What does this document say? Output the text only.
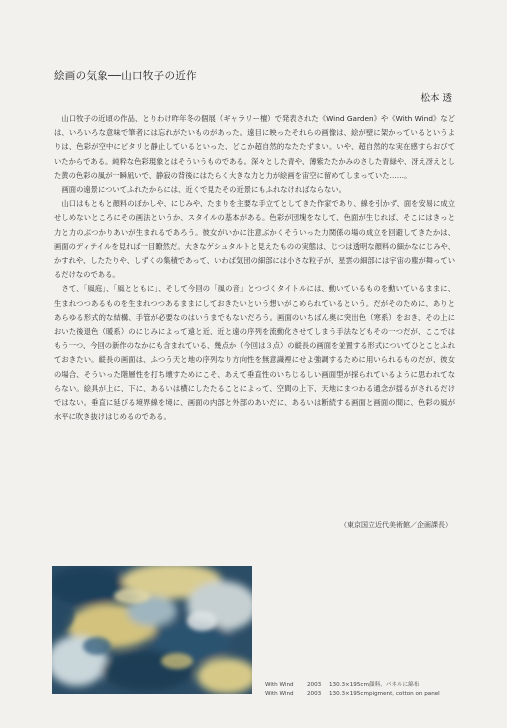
絵画の気象──山口牧子の近作
松本 透

山口牧子の近頃の作品、とりわけ昨年冬の個展（ギャラリー檀）で発表された《Wind Garden》や《With Wind》などは、いろいろな意味で筆者には忘れがたいものがあった。遠目に映ったそれらの画像は、絵が壁に架かっているというよりは、色彩が空中にピタリと静止しているといった、どこか超自然的なたたずまい。いや、超自然的な実在感すらおびていたからである。純粋な色彩現象とはそういうものである。深々とした青や、薄紫たたかみのさした青緑や、冴え冴えとした黄の色彩の風が一瞬凪いで、静寂の背後にはたらく大きな力と力が絵画を宙空に留めてしまっていた……。

画面の遠景についてふれたからには、近くで見たその近景にもふれなければならない。

山口はもともと顔料のぼかしや、にじみや、たまりを主要な手立てとしてきた作家であり、線を引かず、面を安易に成立せしめないところにその画法というか、スタイルの基本がある。色彩が団塊をなして、色面が生じれば、そこにはきっと力と力のぶつかりあいが生まれるであろう。彼女がいかに注意ぶかくそういった力関係の場の成立を回避してきたかは、画面のディテイルを見れば一目瞭然だ。大きなゲシュタルトと見えたものの実態は、じつは透明な顔料の細かなにじみや、かすれや、したたりや、しずくの集積であって、いわば気団の細部には小さな粒子が、星雲の細部には宇宙の塵が舞っているだけなのである。

さて、「風庭」、「風とともに」、そして今回の「風の音」とつづくタイトルには、動いているものを動いているままに、生まれつつあるものを生まれつつあるままにしておきたいという想いがこめられているという。だがそのために、ありとあらゆる形式的な結構、手管が必要なのはいうまでもないだろう。画面のいちばん奥に突出色（寒系）をおき、その上においた後退色（暖系）のにじみによって遠と近、近と遠の序列を流動化させてしまう手法などもその一つだが、ここではもう一つ、今回の新作のなかにも含まれている、幾点か（今回は３点）の縦長の画面を並置する形式についてひとことふれておきたい。縦長の画面は、ふつう天と地の序列なり方向性を無意識裡にせよ強調するために用いられるものだが、彼女の場合、そういった階層性を打ち壊すためにこそ、あえて垂直性のいちじるしい画面型が採られているように思われてならない。絵具が上に、下に、あるいは横にしたたることによって、空間の上下、天地にまつわる通念が揺るがされるだけではない。垂直に延びる境界線を境に、画面の内部と外部のあいだに、あるいは断続する画面と画面の間に、色彩の風が水平に吹き抜けはじめるのである。

（東京国立近代美術館／企画課長）
With Wind	2003	130.3×195cm 顔料、パネルに綿布
With Wind	2003	130.3×195cm pigment, cotton on panel
